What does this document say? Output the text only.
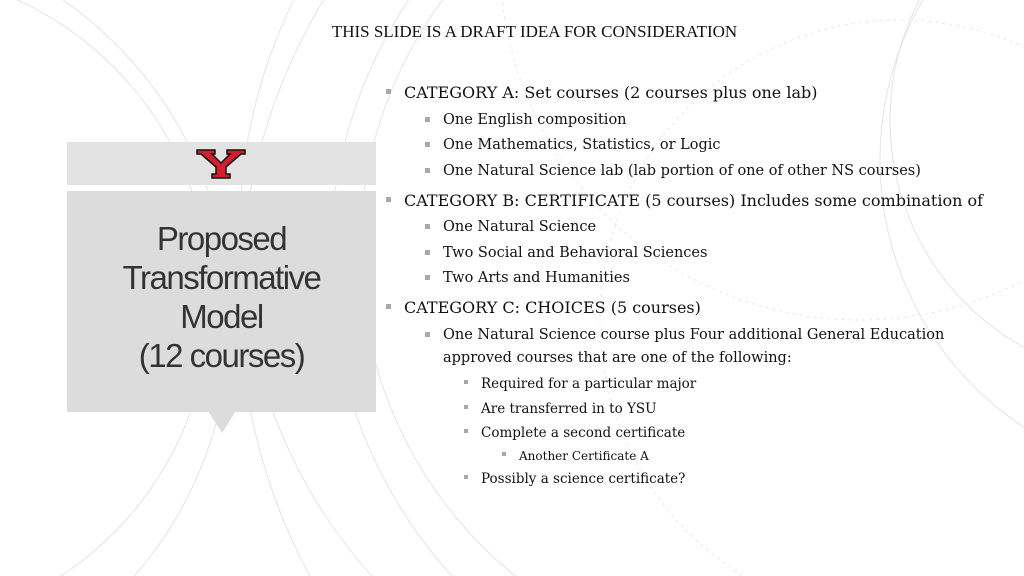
THIS SLIDE IS A DRAFT IDEA FOR CONSIDERATION
Proposed
Transformative
Model
(12 courses)
CATEGORY A: Set courses (2 courses plus one lab)
One English composition
One Mathematics, Statistics, or Logic
One Natural Science lab (lab portion of one of other NS courses)
CATEGORY B: CERTIFICATE (5 courses) Includes some combination of
One Natural Science
Two Social and Behavioral Sciences
Two Arts and Humanities
CATEGORY C: CHOICES (5 courses)
One Natural Science course plus Four additional General Education approved courses that are one of the following:
Required for a particular major
Are transferred in to YSU
Complete a second certificate
Another Certificate A
Possibly a science certificate?
